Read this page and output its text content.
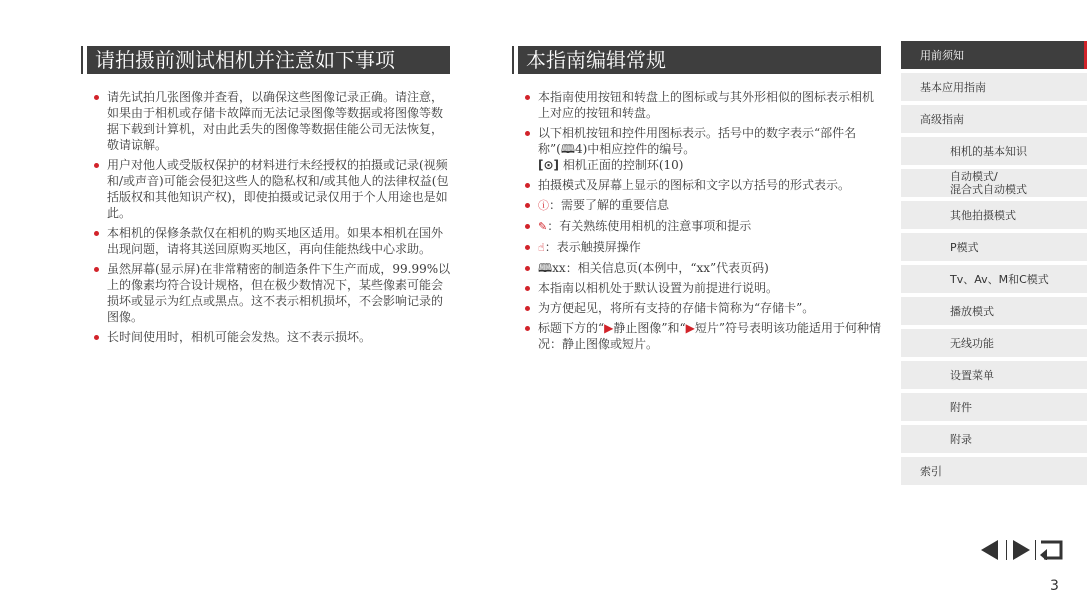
请拍摄前测试相机并注意如下事项
请先试拍几张图像并查看，以确保这些图像记录正确。请注意，如果由于相机或存储卡故障而无法记录图像等数据或将图像等数据下载到计算机，对由此丢失的图像等数据佳能公司无法恢复，敬请谅解。
用户对他人或受版权保护的材料进行未经授权的拍摄或记录(视频和/或声音)可能会侵犯这些人的隐私权和/或其他人的法律权益(包括版权和其他知识产权)，即使拍摄或记录仅用于个人用途也是如此。
本相机的保修条款仅在相机的购买地区适用。如果本相机在国外出现问题，请将其送回原购买地区，再向佳能热线中心求助。
虽然屏幕(显示屏)在非常精密的制造条件下生产而成，99.99%以上的像素均符合设计规格，但在极少数情况下，某些像素可能会损坏或显示为红点或黑点。这不表示相机损坏，不会影响记录的图像。
长时间使用时，相机可能会发热。这不表示损坏。
本指南编辑常规
本指南使用按钮和转盘上的图标或与其外形相似的图标表示相机上对应的按钮和转盘。
以下相机按钮和控件用图标表示。括号中的数字表示“部件名称”(🕮4)中相应控件的编号。
[⊙] 相机正面的控制环(10)
拍摄模式及屏幕上显示的图标和文字以方括号的形式表示。
ⓘ：需要了解的重要信息
✎：有关熟练使用相机的注意事项和提示
☝：表示触摸屏操作
🕮xx：相关信息页(本例中，“xx”代表页码)
本指南以相机处于默认设置为前提进行说明。
为方便起见，将所有支持的存储卡简称为“存储卡”。
标题下方的“▶静止图像”和“▶短片”符号表明该功能适用于何种情况：静止图像或短片。
用前须知
基本应用指南
高级指南
相机的基本知识
自动模式/
混合式自动模式
其他拍摄模式
P模式
Tv、Av、M和C模式
播放模式
无线功能
设置菜单
附件
附录
索引
3
